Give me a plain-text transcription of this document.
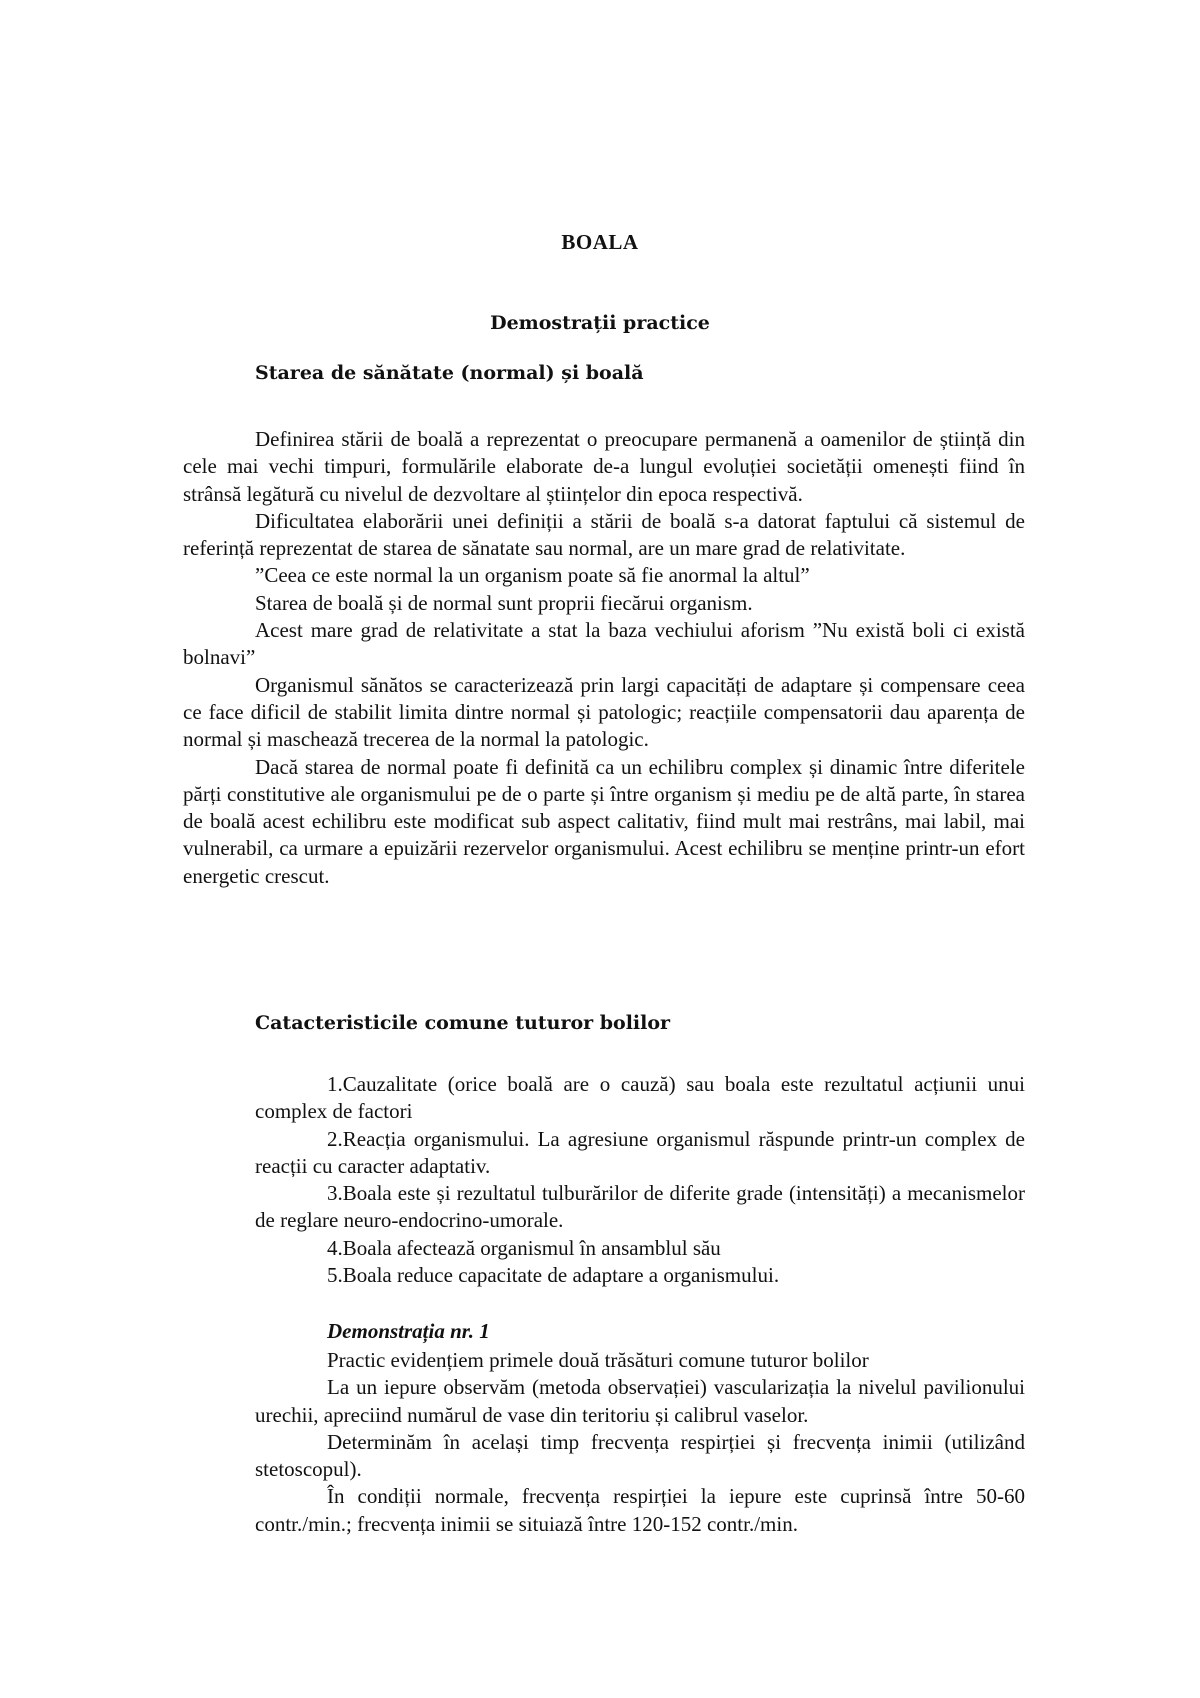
BOALA
Demostrații practice
Starea de sănătate (normal) și boală

Definirea stării de boală a reprezentat o preocupare permanenă a oamenilor de știință din cele mai vechi timpuri, formulările elaborate de-a lungul evoluției societății omenești fiind în strânsă legătură cu nivelul de dezvoltare al științelor din epoca respectivă.

Dificultatea elaborării unei definiții a stării de boală s-a datorat faptului că sistemul de referință reprezentat de starea de sănatate sau normal, are un mare grad de relativitate.

”Ceea ce este normal la un organism poate să fie anormal la altul”

Starea de boală și de normal sunt proprii fiecărui organism.

Acest mare grad de relativitate a stat la baza vechiului aforism ”Nu există boli ci există bolnavi”

Organismul sănătos se caracterizează prin largi capacități de adaptare și compensare ceea ce face dificil de stabilit limita dintre normal și patologic; reacțiile compensatorii dau aparența de normal și maschează trecerea de la normal la patologic.

Dacă starea de normal poate fi definită ca un echilibru complex și dinamic între diferitele părți constitutive ale organismului pe de o parte și între organism și mediu pe de altă parte, în starea de boală acest echilibru este modificat sub aspect calitativ, fiind mult mai restrâns, mai labil, mai vulnerabil, ca urmare a epuizării rezervelor organismului. Acest echilibru se menține printr-un efort energetic crescut.

Catacteristicile comune tuturor bolilor

1.Cauzalitate (orice boală are o cauză) sau boala este rezultatul acțiunii unui complex de factori

2.Reacția organismului. La agresiune organismul răspunde printr-un complex de reacții cu caracter adaptativ.

3.Boala este și rezultatul tulburărilor de diferite grade (intensități) a mecanismelor de reglare neuro-endocrino-umorale.

4.Boala afectează organismul în ansamblul său

5.Boala reduce capacitate de adaptare a organismului.

Demonstrația nr. 1

Practic evidențiem primele două trăsături comune tuturor bolilor

La un iepure observăm (metoda observației) vascularizația la nivelul pavilionului urechii, apreciind numărul de vase din teritoriu și calibrul vaselor.

Determinăm în același timp frecvența respirției și frecvența inimii (utilizând stetoscopul).

În condiții normale, frecvența respirției la iepure este cuprinsă între 50-60 contr./min.; frecvența inimii se situiază între 120-152 contr./min.
